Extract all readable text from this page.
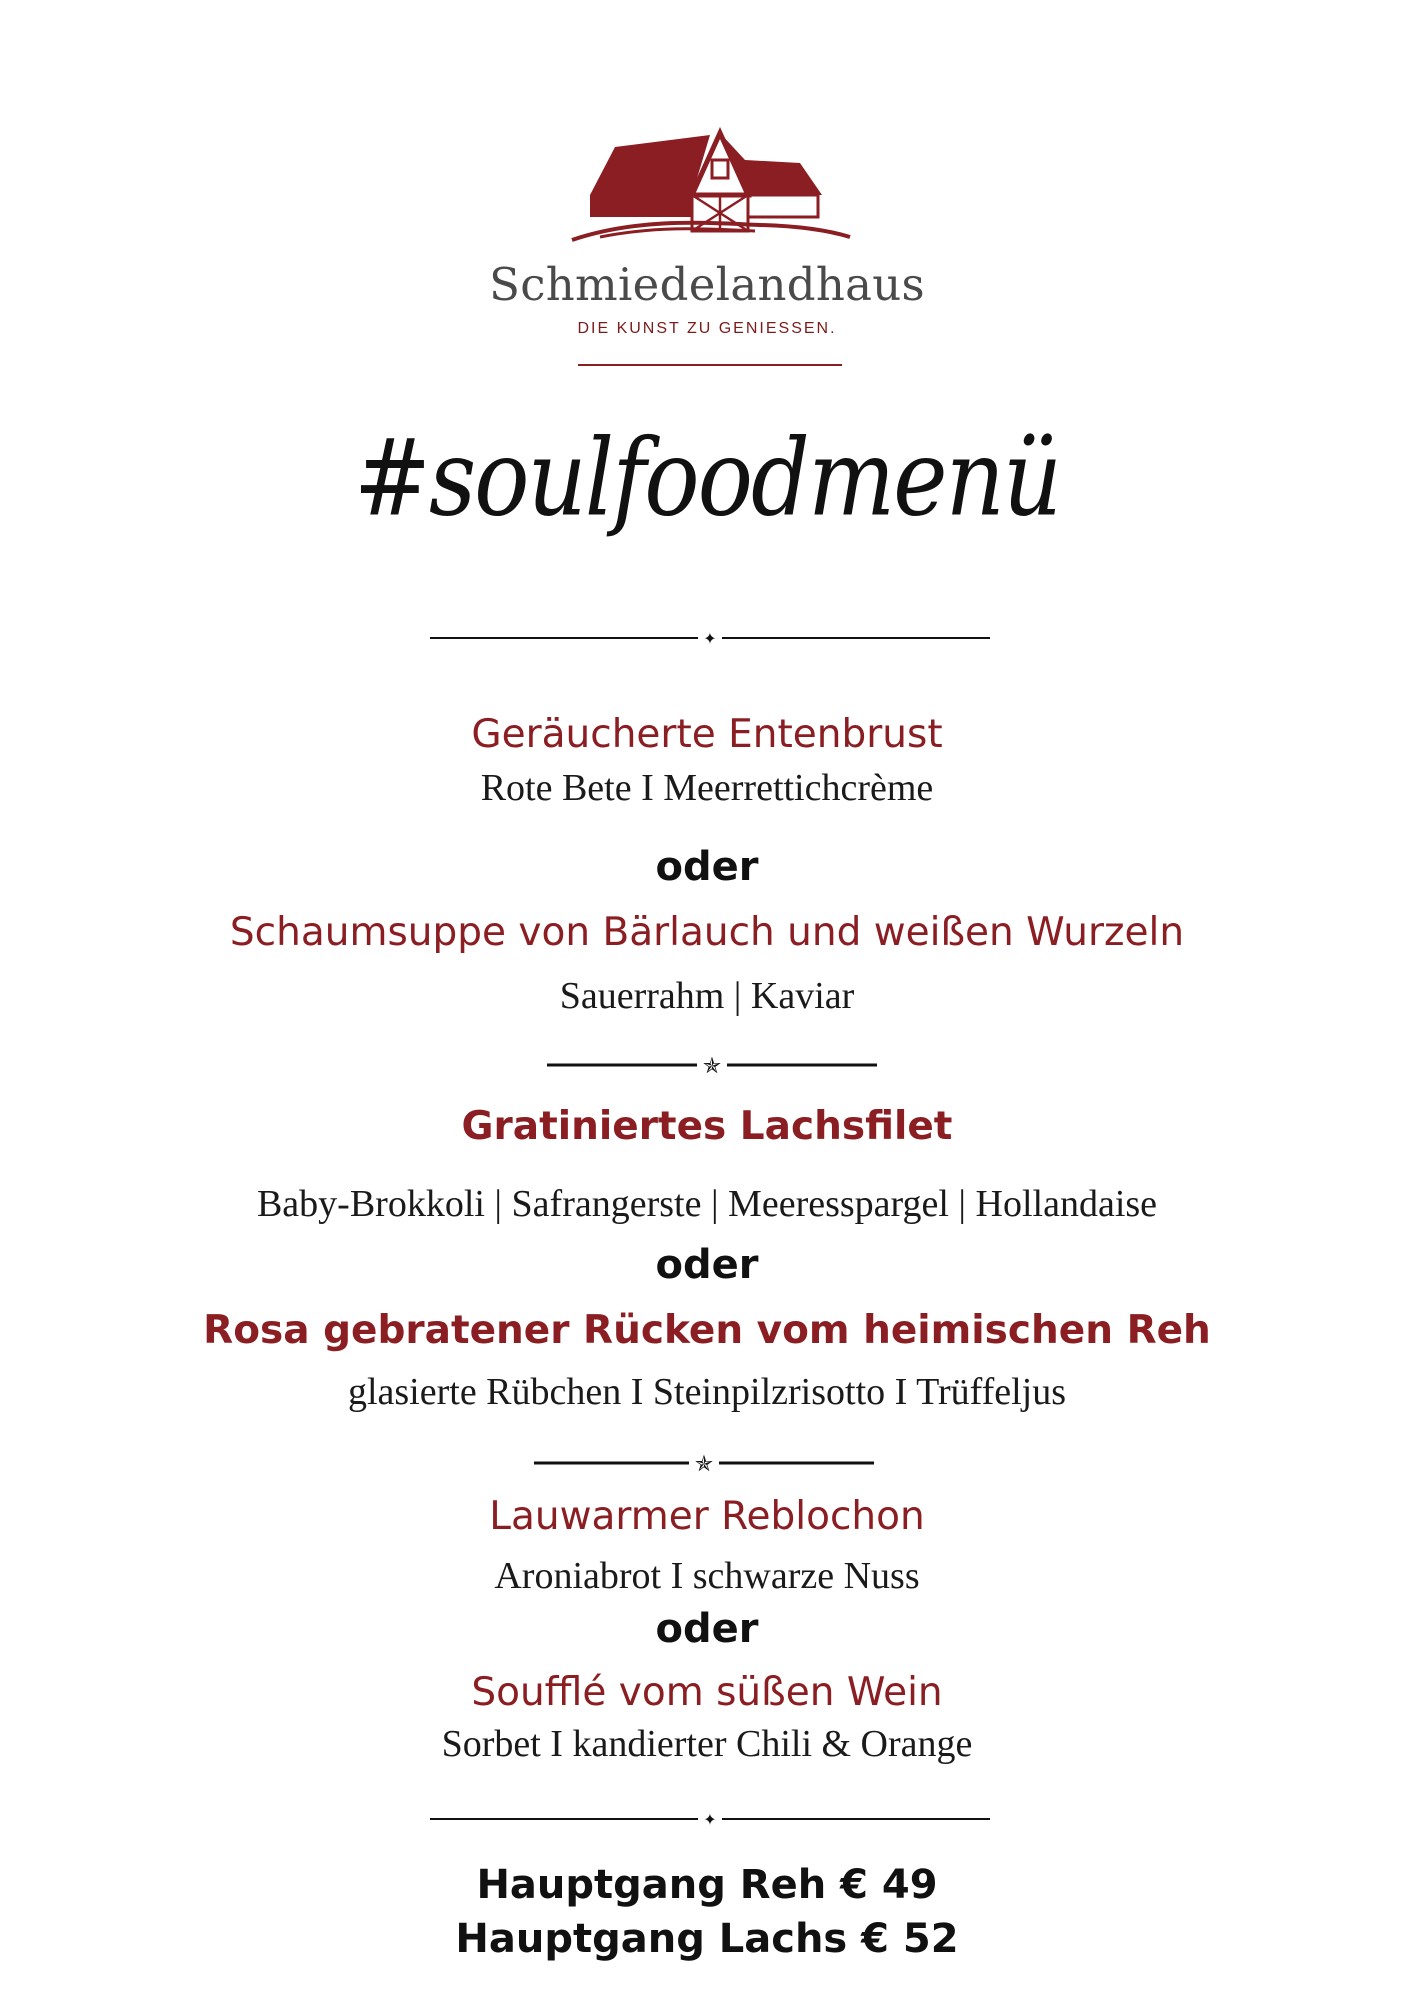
Schmiedelandhaus
DIE KUNST ZU GENIESSEN.
#soulfoodmenü
✦
Geräucherte Entenbrust
Rote Bete I Meerrettichcrème
oder
Schaumsuppe von Bärlauch und weißen Wurzeln
Sauerrahm | Kaviar
✯
Gratiniertes Lachsfilet
Baby-Brokkoli | Safrangerste | Meeresspargel | Hollandaise
oder
Rosa gebratener Rücken vom heimischen Reh
glasierte Rübchen I Steinpilzrisotto I Trüffeljus
✯
Lauwarmer Reblochon
Aroniabrot I schwarze Nuss
oder
Soufflé vom süßen Wein
Sorbet I kandierter Chili & Orange
✦
Hauptgang Reh € 49
Hauptgang Lachs € 52
